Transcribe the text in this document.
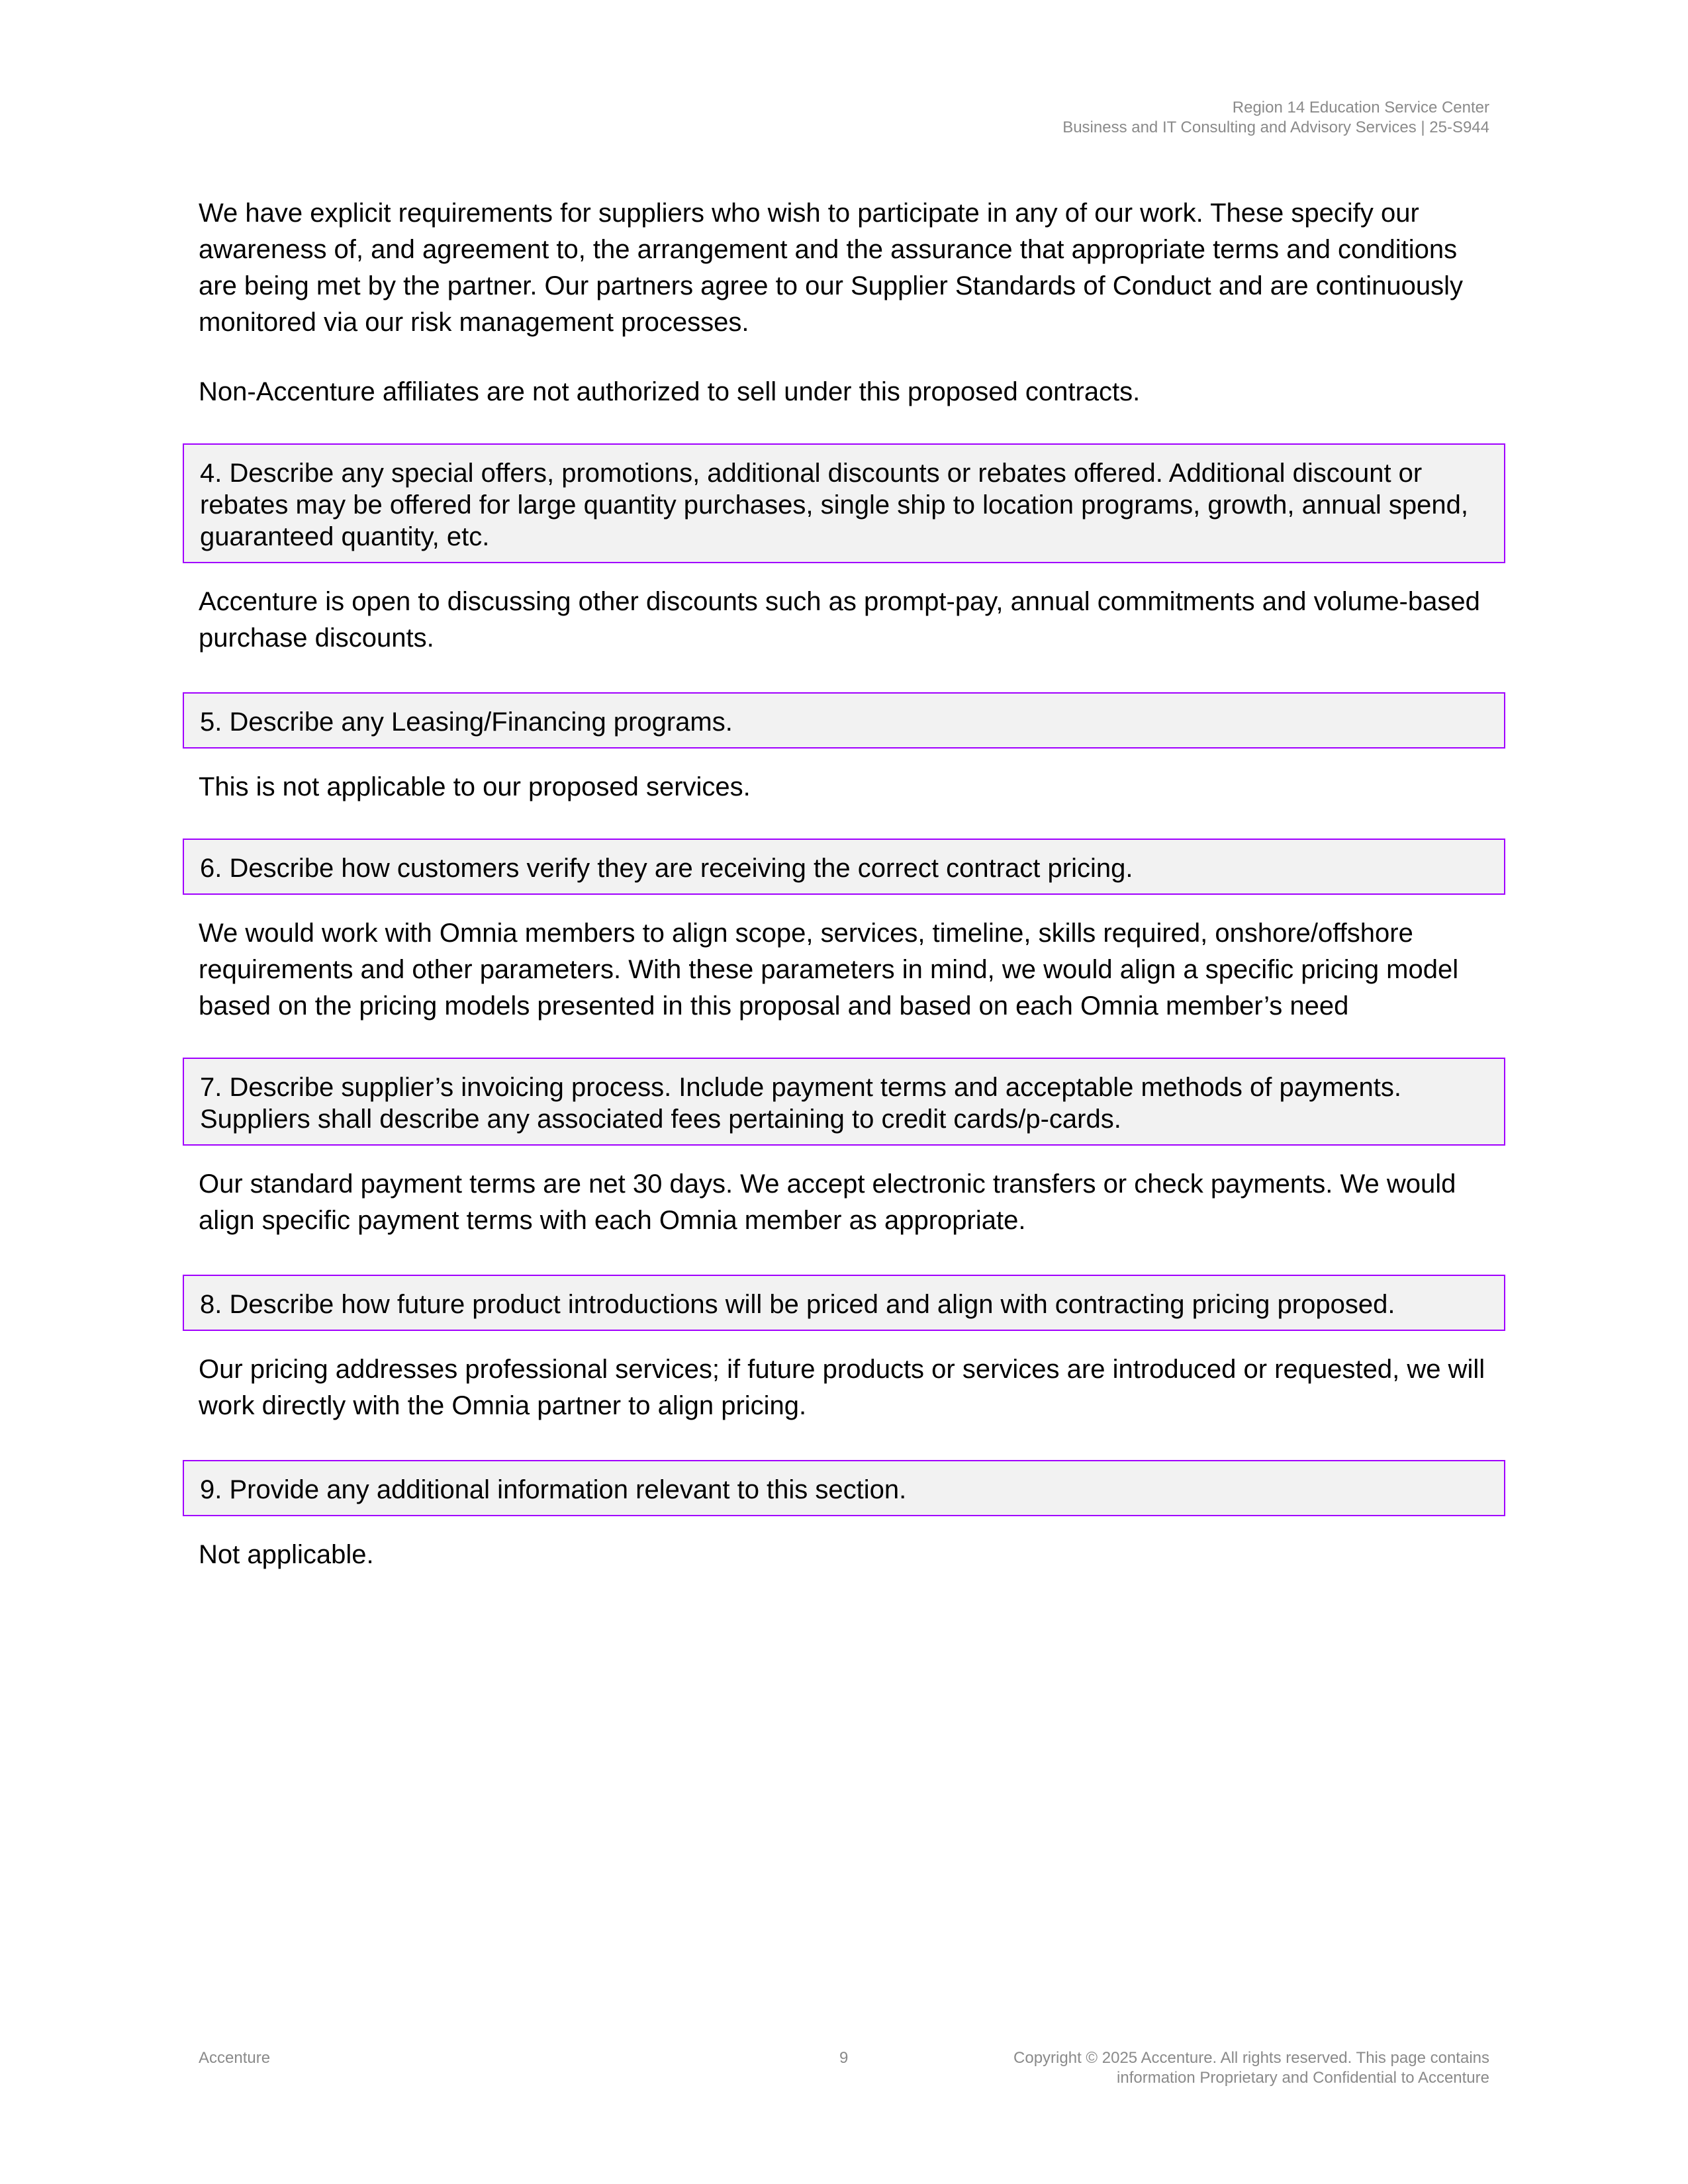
Region 14 Education Service Center
Business and IT Consulting and Advisory Services | 25-S944

We have explicit requirements for suppliers who wish to participate in any of our work. These specify our awareness of, and agreement to, the arrangement and the assurance that appropriate terms and conditions are being met by the partner. Our partners agree to our Supplier Standards of Conduct and are continuously monitored via our risk management processes.

Non-Accenture affiliates are not authorized to sell under this proposed contracts.

4. Describe any special offers, promotions, additional discounts or rebates offered. Additional discount or rebates may be offered for large quantity purchases, single ship to location programs, growth, annual spend, guaranteed quantity, etc.

Accenture is open to discussing other discounts such as prompt-pay, annual commitments and volume-based purchase discounts.

5. Describe any Leasing/Financing programs.

This is not applicable to our proposed services.

6. Describe how customers verify they are receiving the correct contract pricing.

We would work with Omnia members to align scope, services, timeline, skills required, onshore/offshore requirements and other parameters. With these parameters in mind, we would align a specific pricing model based on the pricing models presented in this proposal and based on each Omnia member’s need

7. Describe supplier’s invoicing process. Include payment terms and acceptable methods of payments. Suppliers shall describe any associated fees pertaining to credit cards/p-cards.

Our standard payment terms are net 30 days. We accept electronic transfers or check payments. We would align specific payment terms with each Omnia member as appropriate.

8. Describe how future product introductions will be priced and align with contracting pricing proposed.

Our pricing addresses professional services; if future products or services are introduced or requested, we will work directly with the Omnia partner to align pricing.

9. Provide any additional information relevant to this section.

Not applicable.

Accenture	9	Copyright © 2025 Accenture. All rights reserved. This page contains
information Proprietary and Confidential to Accenture
